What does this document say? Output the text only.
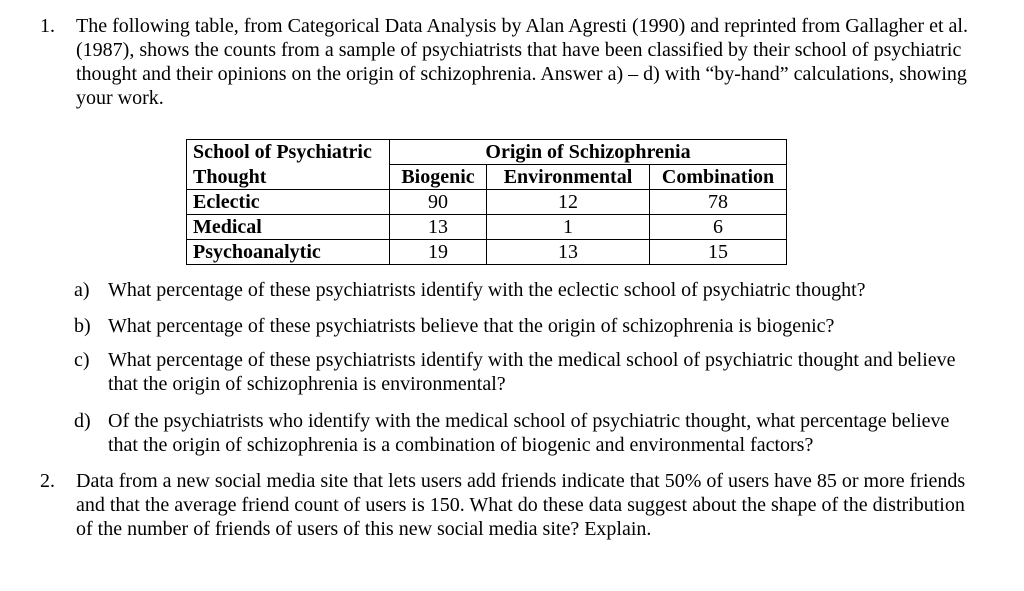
1.	The following table, from Categorical Data Analysis by Alan Agresti (1990) and reprinted from Gallagher et al. (1987), shows the counts from a sample of psychiatrists that have been classified by their school of psychiatric thought and their opinions on the origin of schizophrenia. Answer a) – d) with “by-hand” calculations, showing your work.
School of Psychiatric	Origin of Schizophrenia		
Thought	Biogenic	Environmental	Combination
Eclectic	90	12	78
Medical	13	1	6
Psychoanalytic	19	13	15
a) What percentage of these psychiatrists identify with the eclectic school of psychiatric thought?
b) What percentage of these psychiatrists believe that the origin of schizophrenia is biogenic?
c) What percentage of these psychiatrists identify with the medical school of psychiatric thought and believe that the origin of schizophrenia is environmental?
d) Of the psychiatrists who identify with the medical school of psychiatric thought, what percentage believe that the origin of schizophrenia is a combination of biogenic and environmental factors?
2.	Data from a new social media site that lets users add friends indicate that 50% of users have 85 or more friends and that the average friend count of users is 150. What do these data suggest about the shape of the distribution of the number of friends of users of this new social media site? Explain.
